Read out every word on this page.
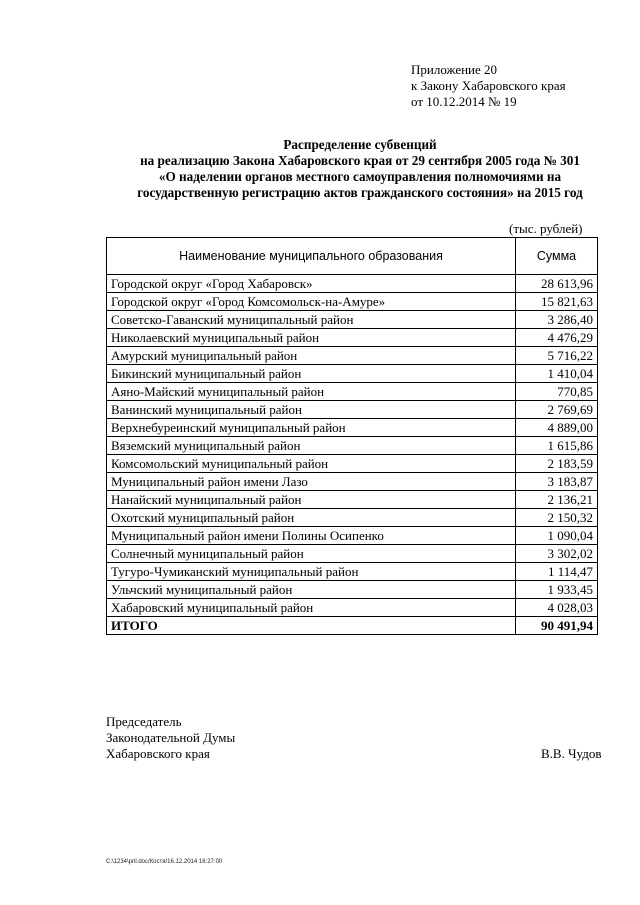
Приложение 20
к Закону Хабаровского края
от 10.12.2014 № 19
Распределение субвенций
на реализацию Закона Хабаровского края от 29 сентября 2005 года № 301
«О наделении органов местного самоуправления полномочиями на
государственную регистрацию актов гражданского состояния» на 2015 год
(тыс. рублей)
Наименование муниципального образования	Сумма
Городской округ «Город Хабаровск»	28 613,96
Городской округ «Город Комсомольск-на-Амуре»	15 821,63
Советско-Гаванский муниципальный район	3 286,40
Николаевский муниципальный район	4 476,29
Амурский муниципальный район	5 716,22
Бикинский муниципальный район	1 410,04
Аяно-Майский муниципальный район	770,85
Ванинский муниципальный район	2 769,69
Верхнебуреинский муниципальный район	4 889,00
Вяземский муниципальный район	1 615,86
Комсомольский муниципальный район	2 183,59
Муниципальный район имени Лазо	3 183,87
Нанайский муниципальный район	2 136,21
Охотский муниципальный район	2 150,32
Муниципальный район имени Полины Осипенко	1 090,04
Солнечный муниципальный район	3 302,02
Тугуро-Чумиканский муниципальный район	1 114,47
Ульчский муниципальный район	1 933,45
Хабаровский муниципальный район	4 028,03
ИТОГО	90 491,94
Председатель
Законодательной Думы
Хабаровского края	В.В. Чудов
C:\1234\pril.doc/Костя/16.12.2014 16:27:00
